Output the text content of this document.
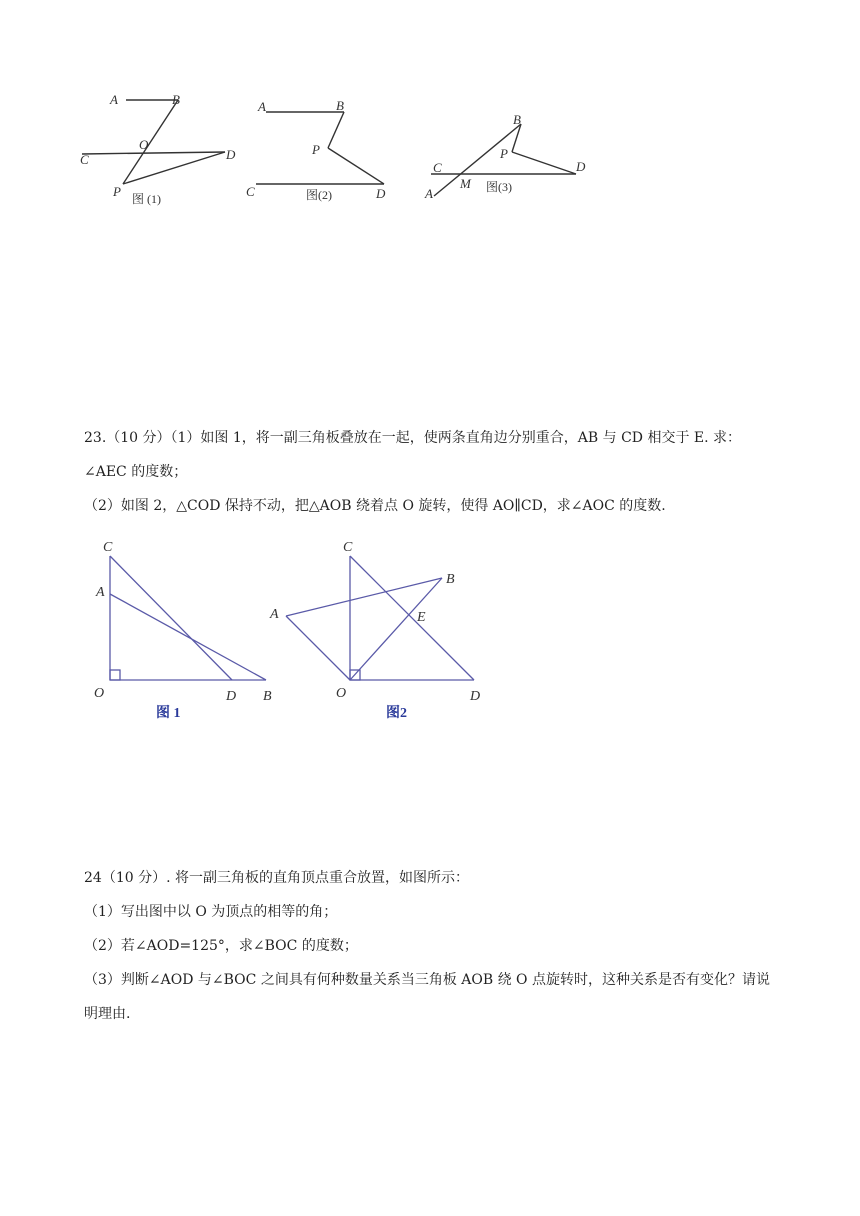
A	B
C	D
O
P
A	B
P
C	D
B
P
C	D
A
M
图 (1)	图(2)
图(3)

23.（10 分）（1）如图 1，将一副三角板叠放在一起，使两条直角边分别重合，AB 与 CD 相交于 E. 求：

∠AEC 的度数；

（2）如图 2，△COD 保持不动，把△AOB 绕着点 O 旋转，使得 AO∥CD，求∠AOC 的度数.

C
A
O	D B
C
B
A	E
O	D
图 1	图2

24（10 分）. 将一副三角板的直角顶点重合放置，如图所示：

（1）写出图中以 O 为顶点的相等的角；

（2）若∠AOD=125°，求∠BOC 的度数；

（3）判断∠AOD 与∠BOC 之间具有何种数量关系当三角板 AOB 绕 O 点旋转时，这种关系是否有变化？请说

明理由.
